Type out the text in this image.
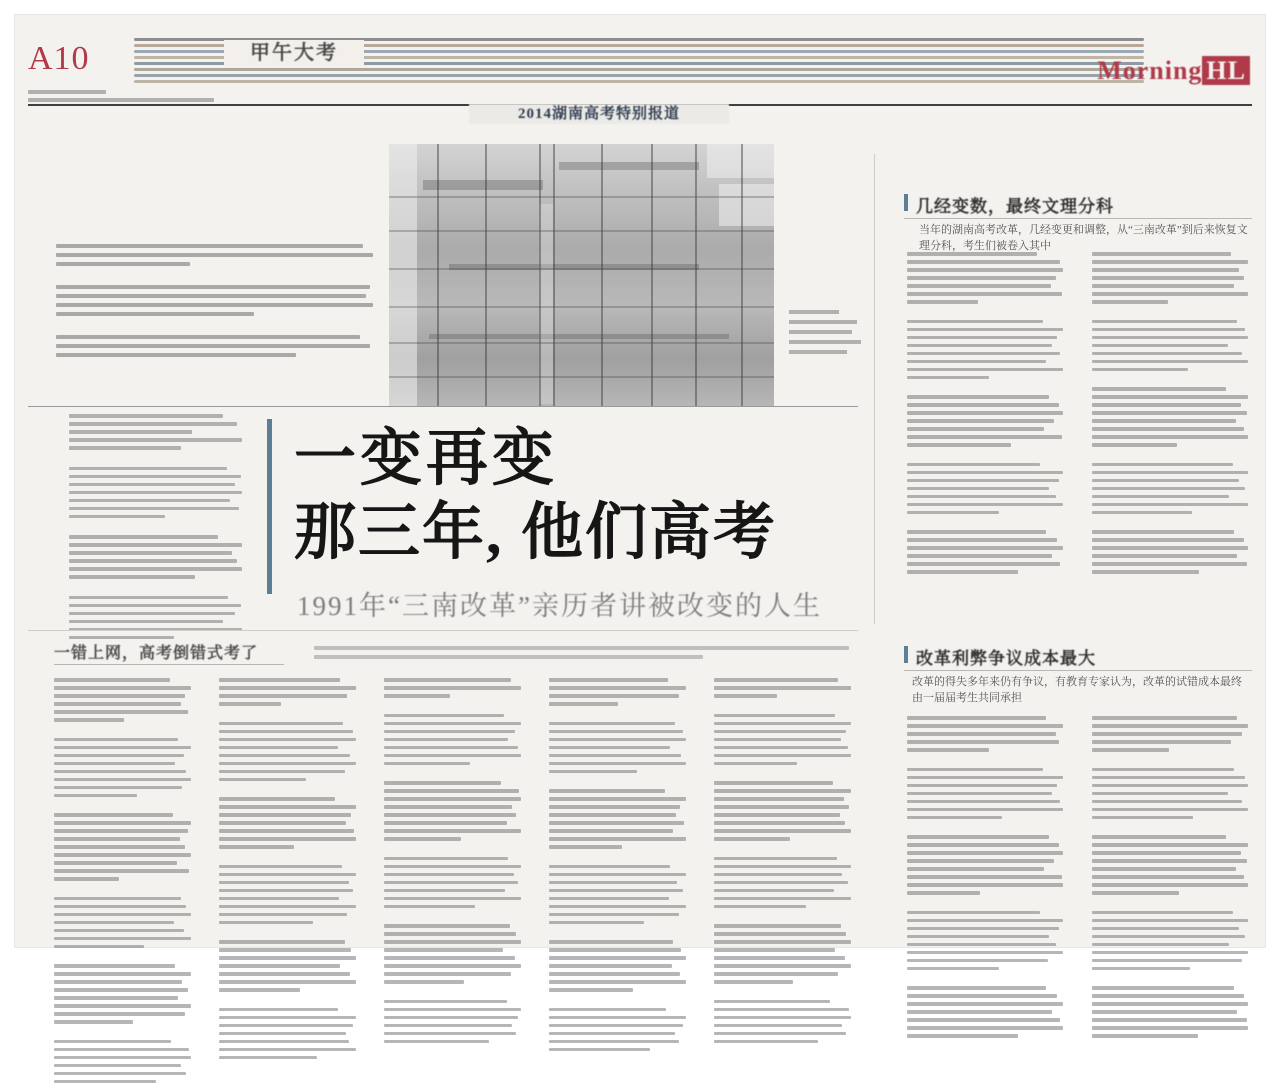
A10	甲午大考
Morning HL
2014湖南高考特别报道
一变再变
那三年, 他们高考
1991年“三南改革”亲历者讲被改变的人生
几经变数，最终文理分科
当年的湖南高考改革，几经变更和调整，从“三南改革”到后来恢复文理分科，考生们被卷入其中
改革利弊争议成本最大
改革的得失多年来仍有争议，有教育专家认为，改革的试错成本最终由一届届考生共同承担
一错上网，高考倒错式考了
